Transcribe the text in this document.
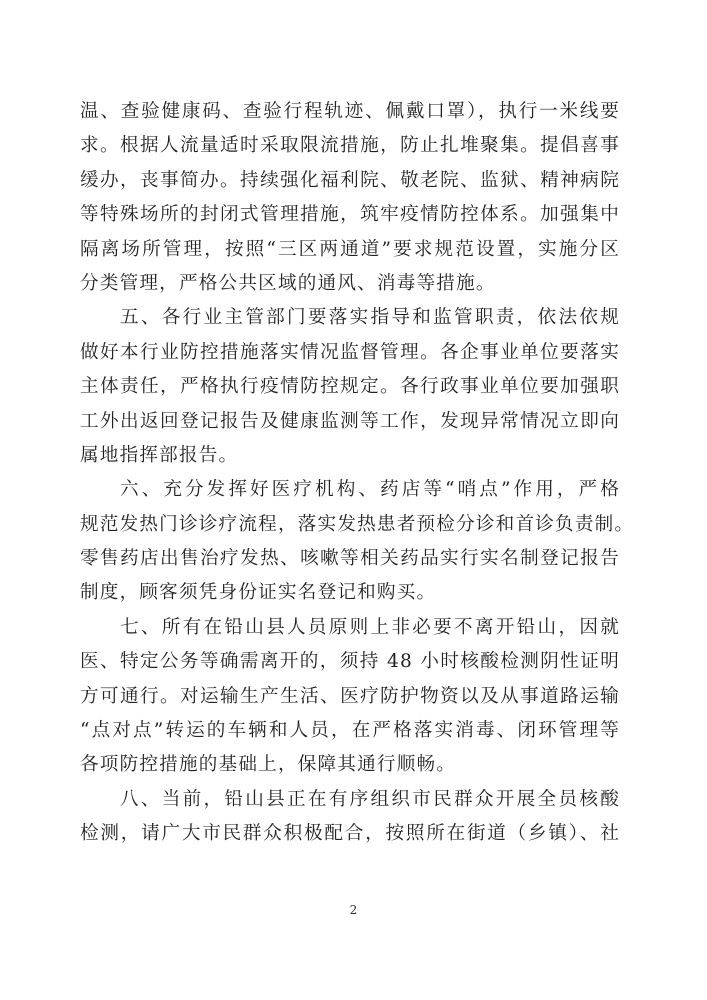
温、查验健康码、查验行程轨迹、佩戴口罩），执行一米线要
求。根据人流量适时采取限流措施，防止扎堆聚集。提倡喜事
缓办，丧事简办。持续强化福利院、敬老院、监狱、精神病院
等特殊场所的封闭式管理措施，筑牢疫情防控体系。加强集中
隔离场所管理，按照“三区两通道”要求规范设置，实施分区
分类管理，严格公共区域的通风、消毒等措施。
五、各行业主管部门要落实指导和监管职责，依法依规
做好本行业防控措施落实情况监督管理。各企事业单位要落实
主体责任，严格执行疫情防控规定。各行政事业单位要加强职
工外出返回登记报告及健康监测等工作，发现异常情况立即向
属地指挥部报告。
六、充分发挥好医疗机构、药店等“哨点”作用，严格
规范发热门诊诊疗流程，落实发热患者预检分诊和首诊负责制。
零售药店出售治疗发热、咳嗽等相关药品实行实名制登记报告
制度，顾客须凭身份证实名登记和购买。
七、所有在铅山县人员原则上非必要不离开铅山，因就
医、特定公务等确需离开的，须持 48 小时核酸检测阴性证明
方可通行。对运输生产生活、医疗防护物资以及从事道路运输
“点对点”转运的车辆和人员，在严格落实消毒、闭环管理等
各项防控措施的基础上，保障其通行顺畅。
八、当前，铅山县正在有序组织市民群众开展全员核酸
检测，请广大市民群众积极配合，按照所在街道（乡镇）、社
2
